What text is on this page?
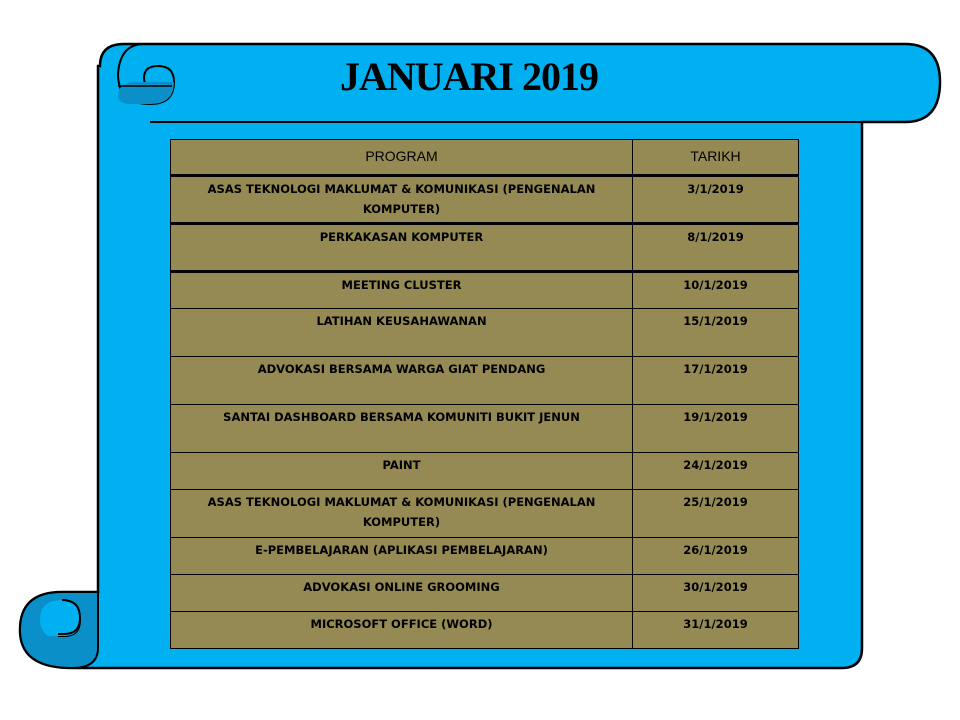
JANUARI 2019
PROGRAM	TARIKH
ASAS TEKNOLOGI MAKLUMAT & KOMUNIKASI (PENGENALAN KOMPUTER)	3/1/2019
PERKAKASAN KOMPUTER	8/1/2019
MEETING CLUSTER	10/1/2019
LATIHAN KEUSAHAWANAN	15/1/2019
ADVOKASI BERSAMA WARGA GIAT PENDANG	17/1/2019
SANTAI DASHBOARD BERSAMA KOMUNITI BUKIT JENUN	19/1/2019
PAINT	24/1/2019
ASAS TEKNOLOGI MAKLUMAT & KOMUNIKASI (PENGENALAN KOMPUTER)	25/1/2019
E-PEMBELAJARAN (APLIKASI PEMBELAJARAN)	26/1/2019
ADVOKASI ONLINE GROOMING	30/1/2019
MICROSOFT OFFICE (WORD)	31/1/2019
